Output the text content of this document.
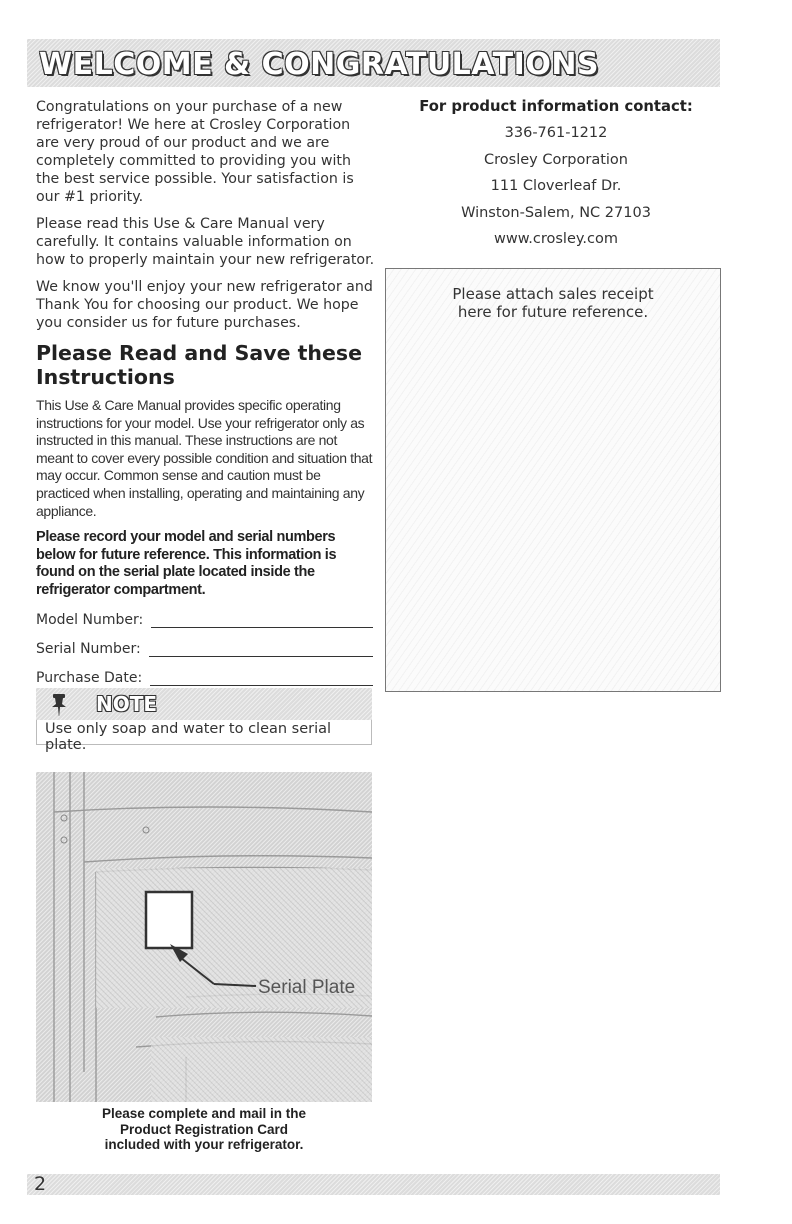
WELCOME & CONGRATULATIONS

Congratulations on your purchase of a new refrigerator! We here at Crosley Corporation are very proud of our product and we are completely committed to providing you with the best service possible. Your satisfaction is our #1 priority.

Please read this Use & Care Manual very carefully. It contains valuable information on how to properly maintain your new refrigerator.

We know you'll enjoy your new refrigerator and Thank You for choosing our product. We hope you consider us for future purchases.

Please Read and Save these Instructions

This Use & Care Manual provides specific operating instructions for your model. Use your refrigerator only as instructed in this manual. These instructions are not meant to cover every possible condition and situation that may occur. Common sense and caution must be practiced when installing, operating and maintaining any appliance.

Please record your model and serial numbers below for future reference. This information is found on the serial plate located inside the refrigerator compartment.

Model Number:
Serial Number:
Purchase Date:
NOTE
Use only soap and water to clean serial plate.
Serial Plate
Please complete and mail in the
Product Registration Card
included with your refrigerator.
For product information contact:
336-761-1212
Crosley Corporation
111 Cloverleaf Dr.
Winston-Salem, NC 27103
www.crosley.com
Please attach sales receipt
here for future reference.
2
